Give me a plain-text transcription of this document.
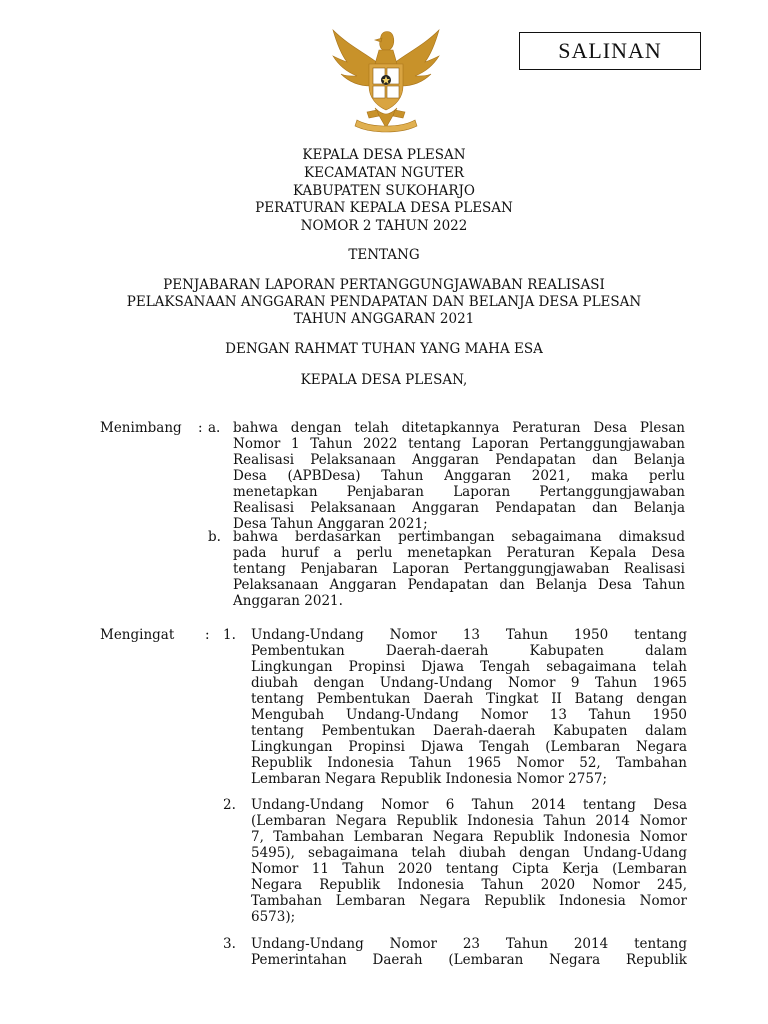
SALINAN
KEPALA DESA PLESAN
KECAMATAN NGUTER
KABUPATEN SUKOHARJO
PERATURAN KEPALA DESA PLESAN
NOMOR 2 TAHUN 2022
TENTANG
PENJABARAN LAPORAN PERTANGGUNGJAWABAN REALISASI
PELAKSANAAN ANGGARAN PENDAPATAN DAN BELANJA DESA PLESAN
TAHUN ANGGARAN 2021
DENGAN RAHMAT TUHAN YANG MAHA ESA
KEPALA DESA PLESAN,
Menimbang : a. bahwa dengan telah ditetapkannya Peraturan Desa Plesan
Nomor 1 Tahun 2022 tentang Laporan Pertanggungjawaban
Realisasi Pelaksanaan Anggaran Pendapatan dan Belanja
Desa (APBDesa) Tahun Anggaran 2021, maka perlu
menetapkan Penjabaran Laporan Pertanggungjawaban
Realisasi Pelaksanaan Anggaran Pendapatan dan Belanja
Desa Tahun Anggaran 2021;
b. bahwa berdasarkan pertimbangan sebagaimana dimaksud
pada huruf a perlu menetapkan Peraturan Kepala Desa
tentang Penjabaran Laporan Pertanggungjawaban Realisasi
Pelaksanaan Anggaran Pendapatan dan Belanja Desa Tahun
Anggaran 2021.
Mengingat : 1. Undang-Undang Nomor 13 Tahun 1950 tentang
Pembentukan Daerah-daerah Kabupaten dalam
Lingkungan Propinsi Djawa Tengah sebagaimana telah
diubah dengan Undang-Undang Nomor 9 Tahun 1965
tentang Pembentukan Daerah Tingkat II Batang dengan
Mengubah Undang-Undang Nomor 13 Tahun 1950
tentang Pembentukan Daerah-daerah Kabupaten dalam
Lingkungan Propinsi Djawa Tengah (Lembaran Negara
Republik Indonesia Tahun 1965 Nomor 52, Tambahan
Lembaran Negara Republik Indonesia Nomor 2757;
2. Undang-Undang Nomor 6 Tahun 2014 tentang Desa
(Lembaran Negara Republik Indonesia Tahun 2014 Nomor
7, Tambahan Lembaran Negara Republik Indonesia Nomor
5495), sebagaimana telah diubah dengan Undang-Udang
Nomor 11 Tahun 2020 tentang Cipta Kerja (Lembaran
Negara Republik Indonesia Tahun 2020 Nomor 245,
Tambahan Lembaran Negara Republik Indonesia Nomor
6573);
3. Undang-Undang Nomor 23 Tahun 2014 tentang
Pemerintahan Daerah (Lembaran Negara Republik
